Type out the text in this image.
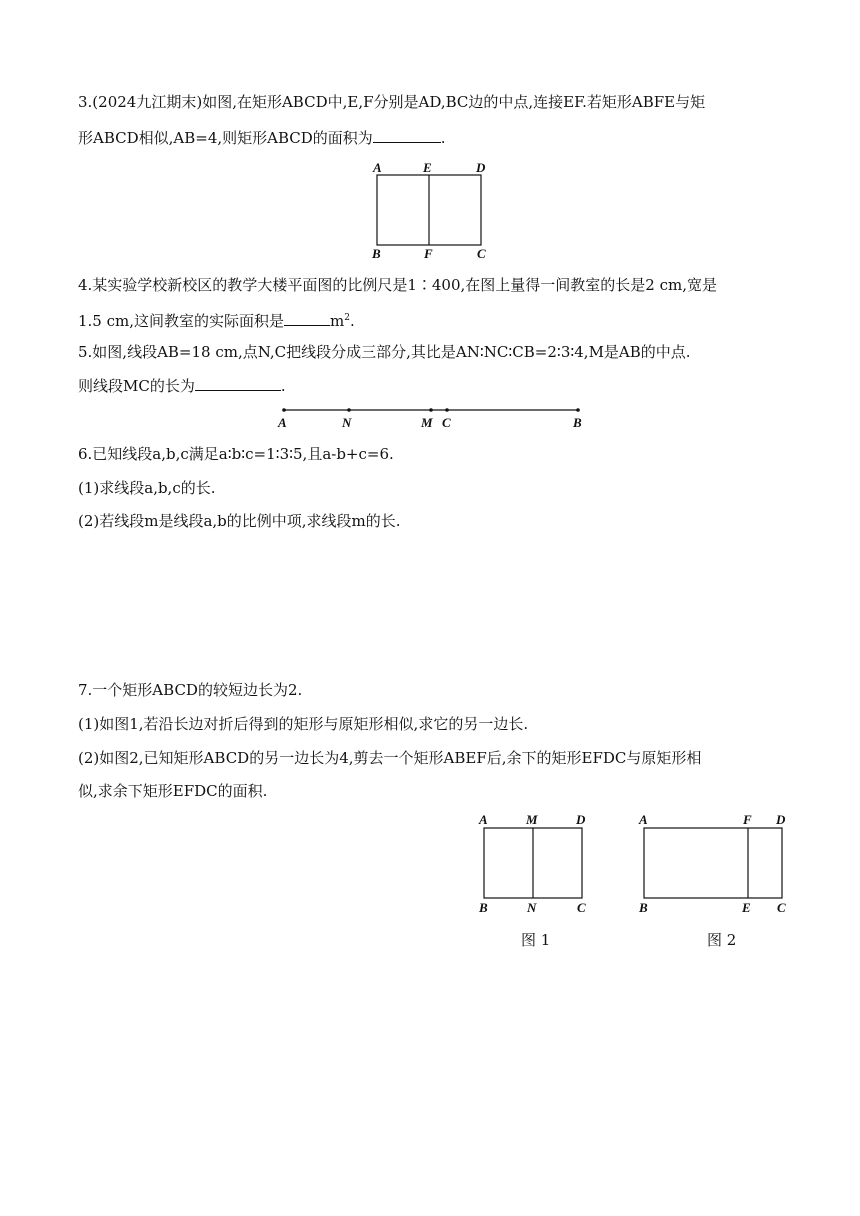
3.(2024九江期末)如图,在矩形ABCD中,E,F分别是AD,BC边的中点,连接EF.若矩形ABFE与矩
形ABCD相似,AB=4,则矩形ABCD的面积为	.
A	E	D
B	F	C
4.某实验学校新校区的教学大楼平面图的比例尺是1∶400,在图上量得一间教室的长是2 cm,宽是
1.5 cm,这间教室的实际面积是	$m^2$.
5.如图,线段AB=18 cm,点N,C把线段分成三部分,其比是AN∶NC∶CB=2∶3∶4,M是AB的中点.
则线段MC的长为	.
A	N	M C	B
6.已知线段a,b,c满足a∶b∶c=1∶3∶5,且a-b+c=6.
(1)求线段a,b,c的长.
(2)若线段m是线段a,b的比例中项,求线段m的长.
7.一个矩形ABCD的较短边长为2.
(1)如图1,若沿长边对折后得到的矩形与原矩形相似,求它的另一边长.
(2)如图2,已知矩形ABCD的另一边长为4,剪去一个矩形ABEF后,余下的矩形EFDC与原矩形相
似,求余下矩形EFDC的面积.
A	M	D
B	N	C
图 1
A	F D
B	E C
图 2
